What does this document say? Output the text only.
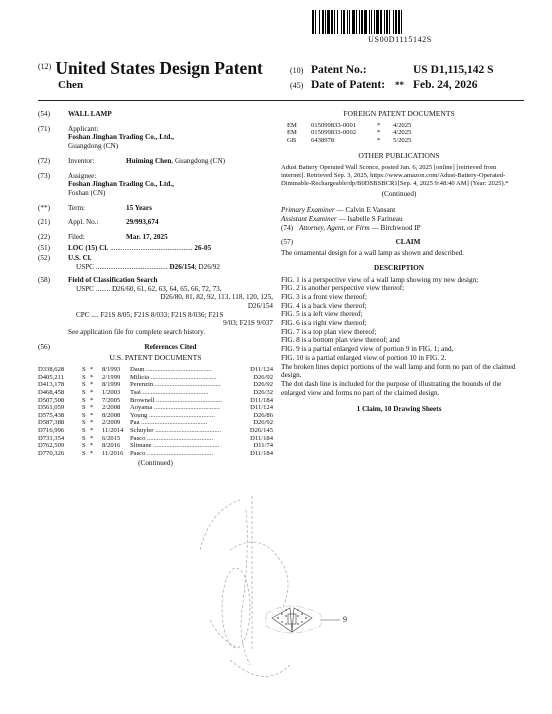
US00D1115142S
$^{(12)}$ United States Design Patent
Chen
(10) Patent No.:	US D1,115,142 S
(45) Date of Patent:	** Feb. 24, 2026
(54)	WALL LAMP
(71)	Applicant:Foshan Jinghan Trading Co., Ltd.,
Guangdong (CN)
(72)	Inventor:	Huiming Chen, Guangdong (CN)
(73)	Assignee:Foshan Jinghan Trading Co., Ltd.,
Foshan (CN)
(**)	Term:	15 Years
(21)	Appl. No.:	29/993,674
(22)	Filed:	Mar. 17, 2025
(51)	LOC (15) Cl. .............................................. 26-05
(52)	U.S. Cl.
USPC ........................................ D26/154; D26/92
(58)	Field of Classification Search
USPC ........ D26/60, 61, 62, 63, 64, 65, 66, 72, 73,

D26/80, 81, 82, 92, 113, 118, 120, 125,
D26/154
CPC .... F21S 8/05; F21S 8/033; F21S 8/036; F21S
9/03; F21S 9/037
See application file for complete search history.
(56)	References Cited
U.S. PATENT DOCUMENTS
D338,628	S *	8/1993	Daun .....	D11/124
D405,211	S *	2/1999	Milicia .....	D26/92
D413,178	S *	8/1999	Perenzin .....	D26/92
D468,458	S *	1/2003	Tsai .....	D26/32
D507,508	S *	7/2005	Brownell .....	D11/184
D561,059	S *	2/2008	Aoyama .....	D11/124
D575,438	S *	8/2008	Young .....	D26/86
D587,388	S *	2/2009	Paa .....	D26/92
D716,996	S *	11/2014	Schuyler .....	D26/145
D731,354	S *	6/2015	Pasco .....	D11/184
D762,509	S *	8/2016	Slimane .....	D11/74
D770,326	S *	11/2016	Pasco .....	D11/184
(Continued)
FOREIGN PATENT DOCUMENTS
EM	015099833-0001	*	4/2025
EM	015099833-0002	*	4/2025
GB	6438978	*	5/2025
OTHER PUBLICATIONS
Adust Battery Operated Wall Sconce, posted Jan. 6, 2025 [online] [retrieved from internet]. Retrieved Sep. 3, 2025, https://www.amazon.com/Adust-Battery-Operated-Dimmable-Rechargeable/dp/B0DSBSBCR1[Sep. 4, 2025 9:48:40 AM] (Year: 2025).*
(Continued)
Primary Examiner — Calvin E Vansant
Assistant Examiner — Isabelle S Farineau
(74) Attorney, Agent, or Firm — Birchwood IP
(57)	CLAIM
The ornamental design for a wall lamp as shown and described.
DESCRIPTION

FIG. 1 is a perspective view of a wall lamp showing my new design;

FIG. 2 is another perspective view thereof;

FIG. 3 is a front view thereof;

FIG. 4 is a back view thereof;

FIG. 5 is a left view thereof;

FIG. 6 is a right view thereof;

FIG. 7 is a top plan view thereof;

FIG. 8 is a bottom plan view thereof; and

FIG. 9 is a partial enlarged view of portion 9 in FIG. 1; and,

FIG. 10 is a partial enlarged view of portion 10 in FIG. 2.

The broken lines depict portions of the wall lamp and form no part of the claimed design.

The dot dash line is included for the purpose of illustrating the bounds of the enlarged view and forms no part of the claimed design.

1 Claim, 10 Drawing Sheets
9
